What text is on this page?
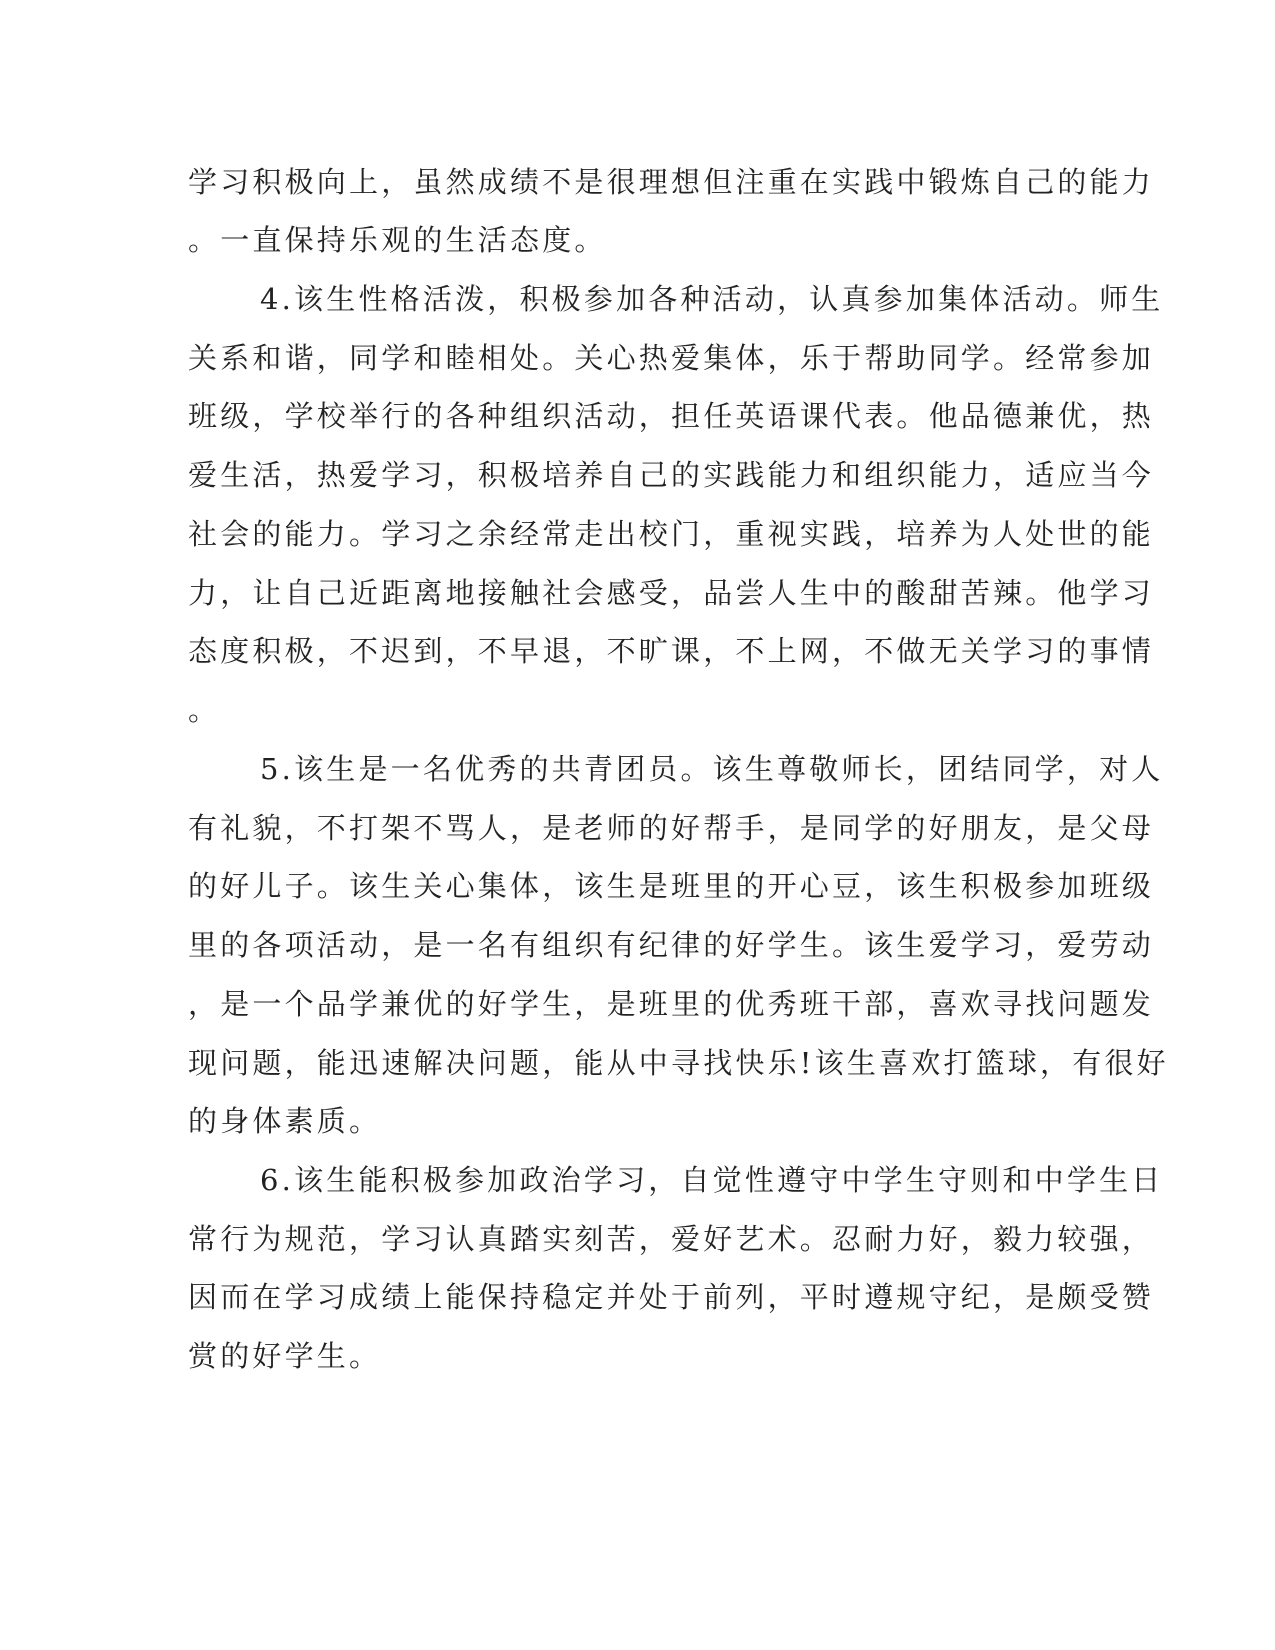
学习积极向上，虽然成绩不是很理想但注重在实践中锻炼自己的能力
。一直保持乐观的生活态度。
4.该生性格活泼，积极参加各种活动，认真参加集体活动。师生
关系和谐，同学和睦相处。关心热爱集体，乐于帮助同学。经常参加
班级，学校举行的各种组织活动，担任英语课代表。他品德兼优，热
爱生活，热爱学习，积极培养自己的实践能力和组织能力，适应当今
社会的能力。学习之余经常走出校门，重视实践，培养为人处世的能
力，让自己近距离地接触社会感受，品尝人生中的酸甜苦辣。他学习
态度积极，不迟到，不早退，不旷课，不上网，不做无关学习的事情
。
5.该生是一名优秀的共青团员。该生尊敬师长，团结同学，对人
有礼貌，不打架不骂人，是老师的好帮手，是同学的好朋友，是父母
的好儿子。该生关心集体，该生是班里的开心豆，该生积极参加班级
里的各项活动，是一名有组织有纪律的好学生。该生爱学习，爱劳动
，是一个品学兼优的好学生，是班里的优秀班干部，喜欢寻找问题发
现问题，能迅速解决问题，能从中寻找快乐!该生喜欢打篮球，有很好
的身体素质。
6.该生能积极参加政治学习，自觉性遵守中学生守则和中学生日
常行为规范，学习认真踏实刻苦，爱好艺术。忍耐力好，毅力较强，
因而在学习成绩上能保持稳定并处于前列，平时遵规守纪，是颇受赞
赏的好学生。
